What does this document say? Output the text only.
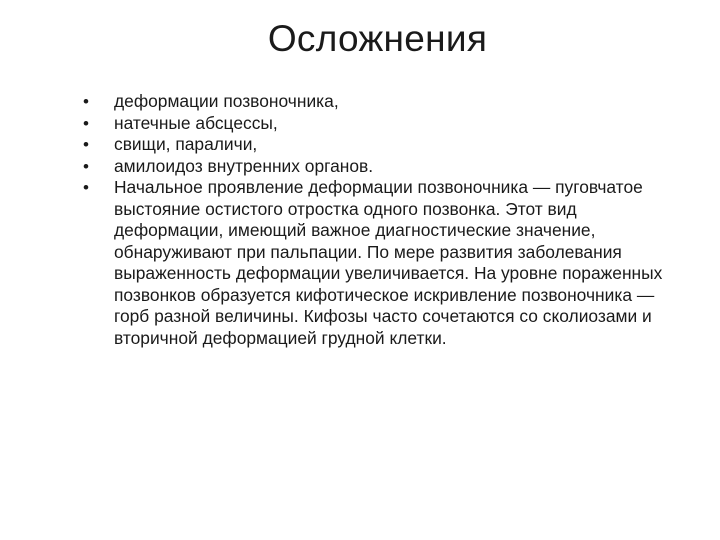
Осложнения
• деформации позвоночника,
• натечные абсцессы,
• свищи, параличи,
• амилоидоз внутренних органов.
• Начальное проявление деформации позвоночника — пуговчатое выстояние остистого отростка одного позвонка. Этот вид деформации, имеющий важное диагностические значение, обнаруживают при пальпации. По мере развития заболевания выраженность деформации увеличивается. На уровне пораженных позвонков образуется кифотическое искривление позвоночника — горб разной величины. Кифозы часто сочетаются со сколиозами и вторичной деформацией грудной клетки.
